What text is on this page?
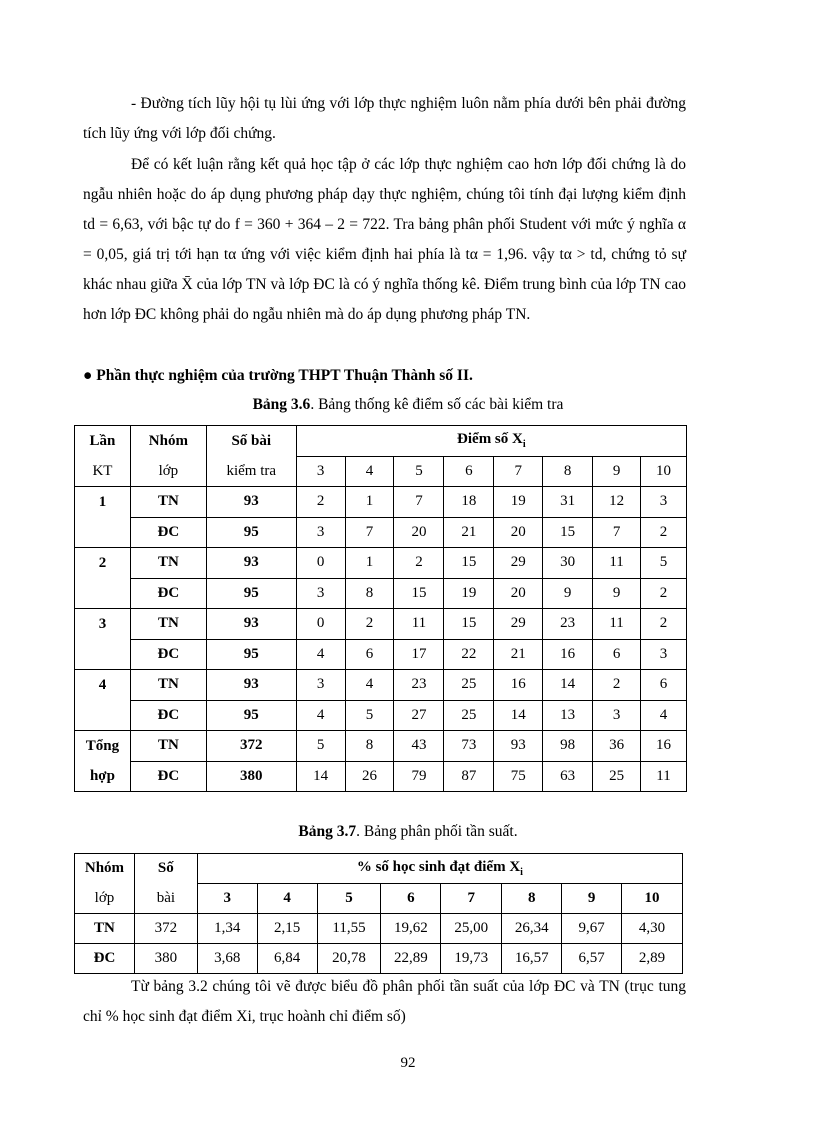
- Đường tích lũy hội tụ lùi ứng với lớp thực nghiệm luôn nằm phía dưới bên phải đường tích lũy ứng với lớp đối chứng.

Để có kết luận rằng kết quả học tập ở các lớp thực nghiệm cao hơn lớp đối chứng là do ngẫu nhiên hoặc do áp dụng phương pháp dạy thực nghiệm, chúng tôi tính đại lượng kiểm định td = 6,63, với bậc tự do f = 360 + 364 – 2 = 722. Tra bảng phân phối Student với mức ý nghĩa α = 0,05, giá trị tới hạn tα ứng với việc kiểm định hai phía là tα = 1,96. vậy tα > td, chứng tỏ sự khác nhau giữa X̄ của lớp TN và lớp ĐC là có ý nghĩa thống kê. Điểm trung bình của lớp TN cao hơn lớp ĐC không phải do ngẫu nhiên mà do áp dụng phương pháp TN.

● Phần thực nghiệm của trường THPT Thuận Thành số II.

Bảng 3.6. Bảng thống kê điểm số các bài kiểm tra

Lần	Nhóm	Số bài	Điểm số $X_i$
KT	lớp	kiểm tra	3	4	5	6	7	8	9	10
1	TN	93	2	1	7	18	19	31	12	3
	ĐC	95	3	7	20	21	20	15	7	2
2	TN	93	0	1	2	15	29	30	11	5
	ĐC	95	3	8	15	19	20	9	9	2
3	TN	93	0	2	11	15	29	23	11	2
	ĐC	95	4	6	17	22	21	16	6	3
4	TN	93	3	4	23	25	16	14	2	6
	ĐC	95	4	5	27	25	14	13	3	4
Tổng	TN	372	5	8	43	73	93	98	36	16
hợp	ĐC	380	14	26	79	87	75	63	25	11

Bảng 3.7. Bảng phân phối tần suất.

Nhóm	Số	% số học sinh đạt điểm $X_i$
lớp	bài	3	4	5	6	7	8	9	10
TN	372	1,34	2,15	11,55	19,62	25,00	26,34	9,67	4,30
ĐC	380	3,68	6,84	20,78	22,89	19,73	16,57	6,57	2,89

Từ bảng 3.2 chúng tôi vẽ được biểu đồ phân phối tần suất của lớp ĐC và TN (trục tung chỉ % học sinh đạt điểm Xi, trục hoành chỉ điểm số)

92
